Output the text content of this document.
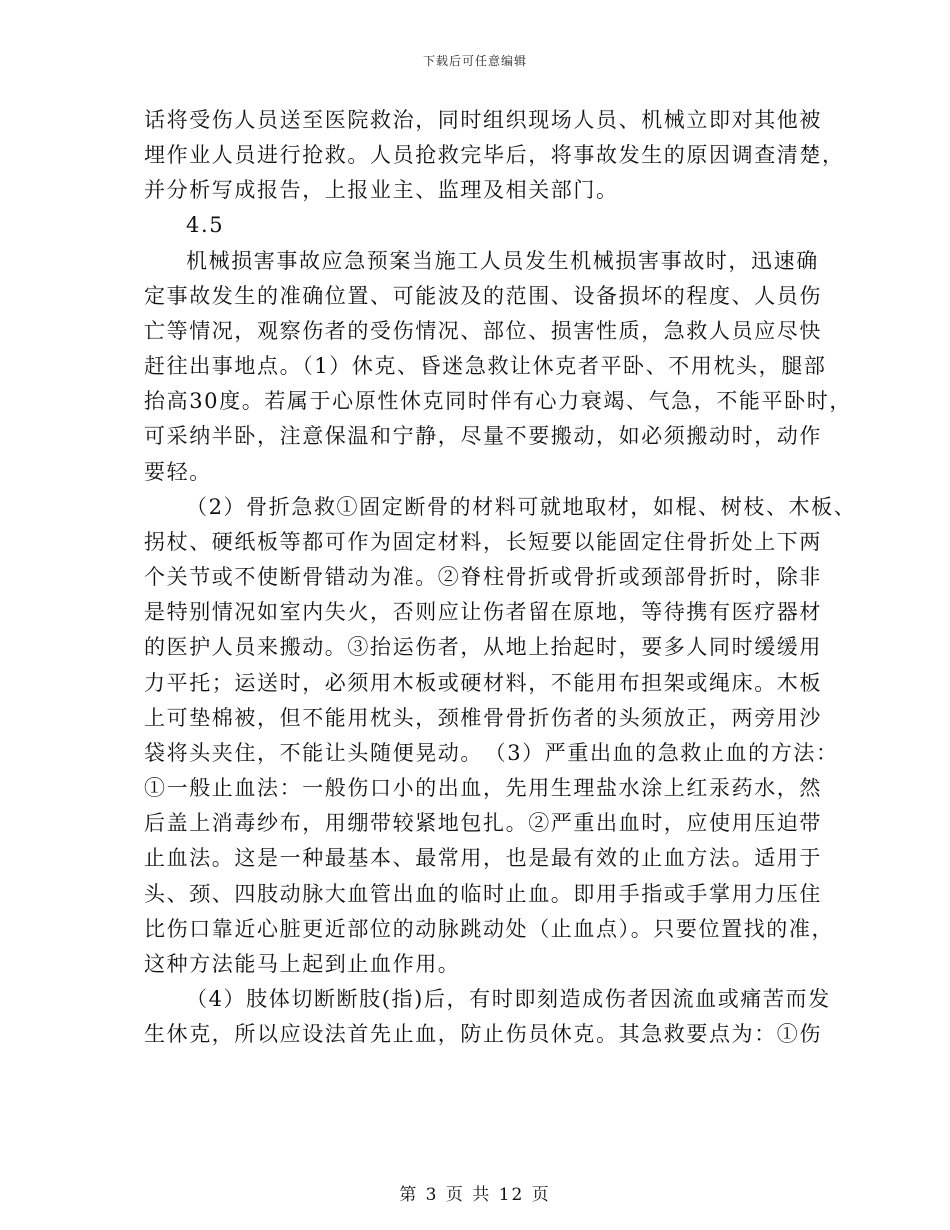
下载后可任意编辑
话将受伤人员送至医院救治，同时组织现场人员、机械立即对其他被
埋作业人员进行抢救。人员抢救完毕后，将事故发生的原因调查清楚，
并分析写成报告，上报业主、监理及相关部门。
4.5
机械损害事故应急预案当施工人员发生机械损害事故时，迅速确
定事故发生的准确位置、可能波及的范围、设备损坏的程度、人员伤
亡等情况，观察伤者的受伤情况、部位、损害性质，急救人员应尽快
赶往出事地点。（1）休克、昏迷急救让休克者平卧、不用枕头，腿部
抬高30度。若属于心原性休克同时伴有心力衰竭、气急，不能平卧时，
可采纳半卧，注意保温和宁静，尽量不要搬动，如必须搬动时，动作
要轻。
（2）骨折急救①固定断骨的材料可就地取材，如棍、树枝、木板、
拐杖、硬纸板等都可作为固定材料，长短要以能固定住骨折处上下两
个关节或不使断骨错动为准。②脊柱骨折或骨折或颈部骨折时，除非
是特别情况如室内失火，否则应让伤者留在原地，等待携有医疗器材
的医护人员来搬动。③抬运伤者，从地上抬起时，要多人同时缓缓用
力平托；运送时，必须用木板或硬材料，不能用布担架或绳床。木板
上可垫棉被，但不能用枕头，颈椎骨骨折伤者的头须放正，两旁用沙
袋将头夹住，不能让头随便晃动。　（3）严重出血的急救止血的方法：
①一般止血法：一般伤口小的出血，先用生理盐水涂上红汞药水，然
后盖上消毒纱布，用绷带较紧地包扎。②严重出血时，应使用压迫带
止血法。这是一种最基本、最常用，也是最有效的止血方法。适用于
头、颈、四肢动脉大血管出血的临时止血。即用手指或手掌用力压住
比伤口靠近心脏更近部位的动脉跳动处（止血点）。只要位置找的准，
这种方法能马上起到止血作用。
（4）肢体切断断肢(指)后，有时即刻造成伤者因流血或痛苦而发
生休克，所以应设法首先止血，防止伤员休克。其急救要点为：①伤
第 3 页 共 12 页
